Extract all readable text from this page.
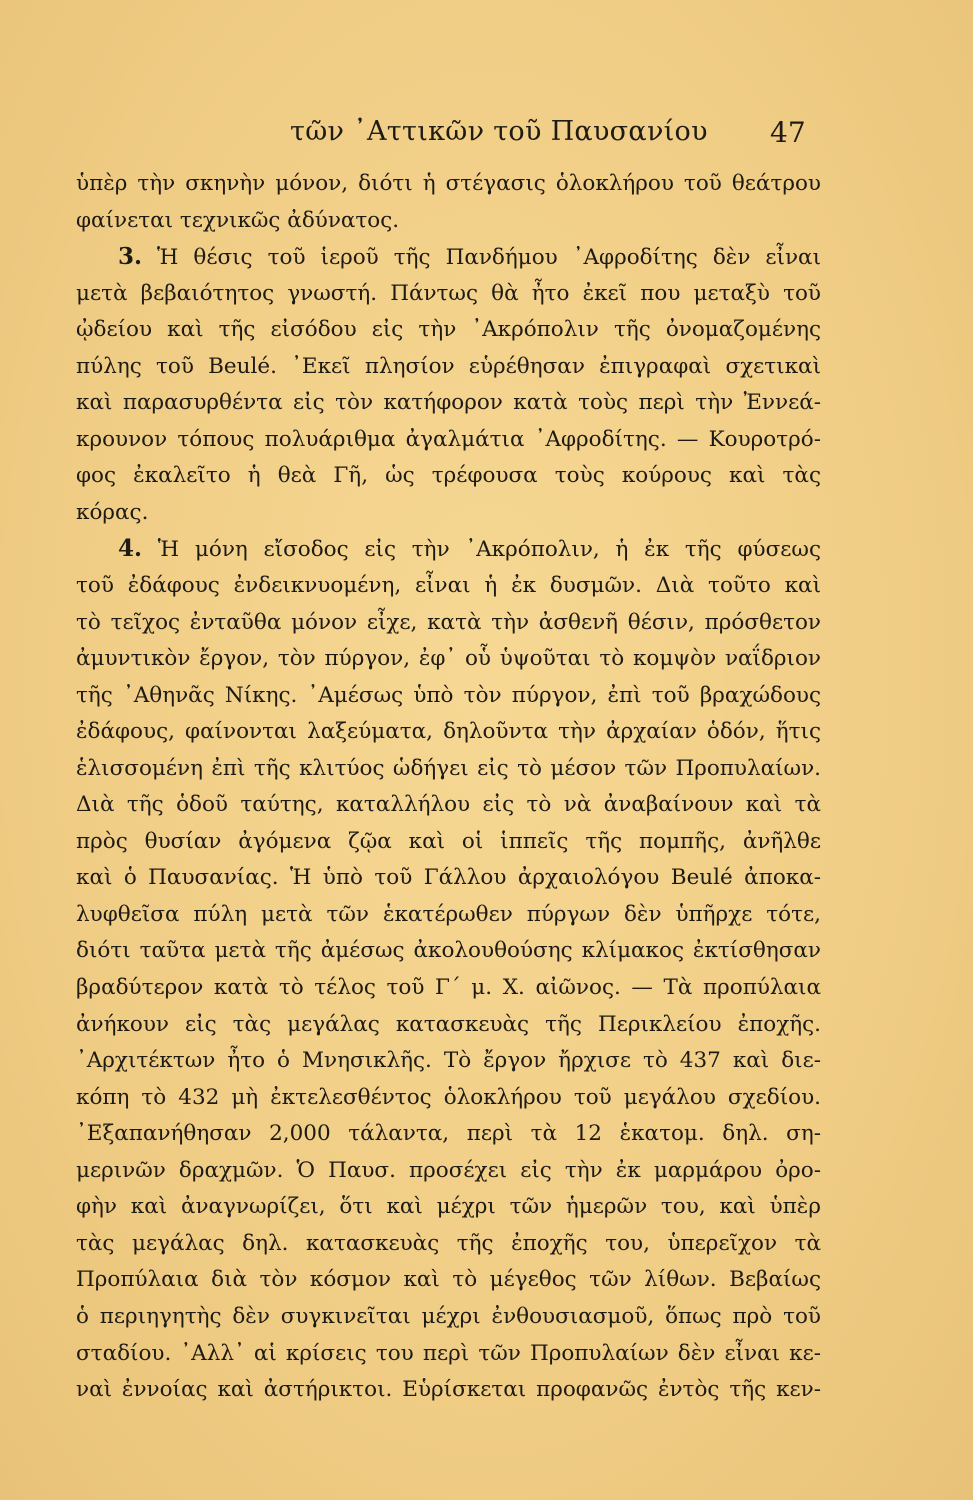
τῶν ᾿Αττικῶν τοῦ Παυσανίου 47
ὑπὲρ τὴν σκηνὴν μόνον, διότι ἡ στέγασις ὁλοκλήρου τοῦ θεάτρου
φαίνεται τεχνικῶς ἀδύνατος.
3. Ἡ θέσις τοῦ ἱεροῦ τῆς Πανδήμου ᾿Αφροδίτης δὲν εἶναι
μετὰ βεβαιότητος γνωστή. Πάντως θὰ ἦτο ἐκεῖ που μεταξὺ τοῦ
ᾠδείου καὶ τῆς εἰσόδου εἰς τὴν ᾿Ακρόπολιν τῆς ὀνομαζομένης
πύλης τοῦ Beulé. ᾿Εκεῖ πλησίον εὑρέθησαν ἐπιγραφαὶ σχετικαὶ
καὶ παρασυρθέντα εἰς τὸν κατήφορον κατὰ τοὺς περὶ τὴν Ἐννεά-
κρουνον τόπους πολυάριθμα ἀγαλμάτια ᾿Αφροδίτης. — Κουροτρό-
φος ἐκαλεῖτο ἡ θεὰ Γῆ, ὡς τρέφουσα τοὺς κούρους καὶ τὰς
κόρας.
4. Ἡ μόνη εἴσοδος εἰς τὴν ᾿Ακρόπολιν, ἡ ἐκ τῆς φύσεως
τοῦ ἐδάφους ἐνδεικνυομένη, εἶναι ἡ ἐκ δυσμῶν. Διὰ τοῦτο καὶ
τὸ τεῖχος ἐνταῦθα μόνον εἶχε, κατὰ τὴν ἀσθενῆ θέσιν, πρόσθετον
ἀμυντικὸν ἔργον, τὸν πύργον, ἐφ᾿ οὗ ὑψοῦται τὸ κομψὸν ναΐδριον
τῆς ᾿Αθηνᾶς Νίκης. ᾿Αμέσως ὑπὸ τὸν πύργον, ἐπὶ τοῦ βραχώδους
ἐδάφους, φαίνονται λαξεύματα, δηλοῦντα τὴν ἀρχαίαν ὁδόν, ἥτις
ἑλισσομένη ἐπὶ τῆς κλιτύος ὡδήγει εἰς τὸ μέσον τῶν Προπυλαίων.
Διὰ τῆς ὁδοῦ ταύτης, καταλλήλου εἰς τὸ νὰ ἀναβαίνουν καὶ τὰ
πρὸς θυσίαν ἀγόμενα ζῷα καὶ οἱ ἱππεῖς τῆς πομπῆς, ἀνῆλθε
καὶ ὁ Παυσανίας. Ἡ ὑπὸ τοῦ Γάλλου ἀρχαιολόγου Beulé ἀποκα-
λυφθεῖσα πύλη μετὰ τῶν ἑκατέρωθεν πύργων δὲν ὑπῆρχε τότε,
διότι ταῦτα μετὰ τῆς ἀμέσως ἀκολουθούσης κλίμακος ἐκτίσθησαν
βραδύτερον κατὰ τὸ τέλος τοῦ Γ´ μ. Χ. αἰῶνος. — Τὰ προπύλαια
ἀνήκουν εἰς τὰς μεγάλας κατασκευὰς τῆς Περικλείου ἐποχῆς.
᾿Αρχιτέκτων ἦτο ὁ Μνησικλῆς. Τὸ ἔργον ἤρχισε τὸ 437 καὶ διε-
κόπη τὸ 432 μὴ ἐκτελεσθέντος ὁλοκλήρου τοῦ μεγάλου σχεδίου.
᾿Εξαπανήθησαν 2,000 τάλαντα, περὶ τὰ 12 ἑκατομ. δηλ. ση-
μερινῶν δραχμῶν. Ὁ Παυσ. προσέχει εἰς τὴν ἐκ μαρμάρου ὀρο-
φὴν καὶ ἀναγνωρίζει, ὅτι καὶ μέχρι τῶν ἡμερῶν του, καὶ ὑπὲρ
τὰς μεγάλας δηλ. κατασκευὰς τῆς ἐποχῆς του, ὑπερεῖχον τὰ
Προπύλαια διὰ τὸν κόσμον καὶ τὸ μέγεθος τῶν λίθων. Βεβαίως
ὁ περιηγητὴς δὲν συγκινεῖται μέχρι ἐνθουσιασμοῦ, ὅπως πρὸ τοῦ
σταδίου. ᾿Αλλ᾿ αἱ κρίσεις του περὶ τῶν Προπυλαίων δὲν εἶναι κε-
ναὶ ἐννοίας καὶ ἀστήρικτοι. Εὑρίσκεται προφανῶς ἐντὸς τῆς κεν-
